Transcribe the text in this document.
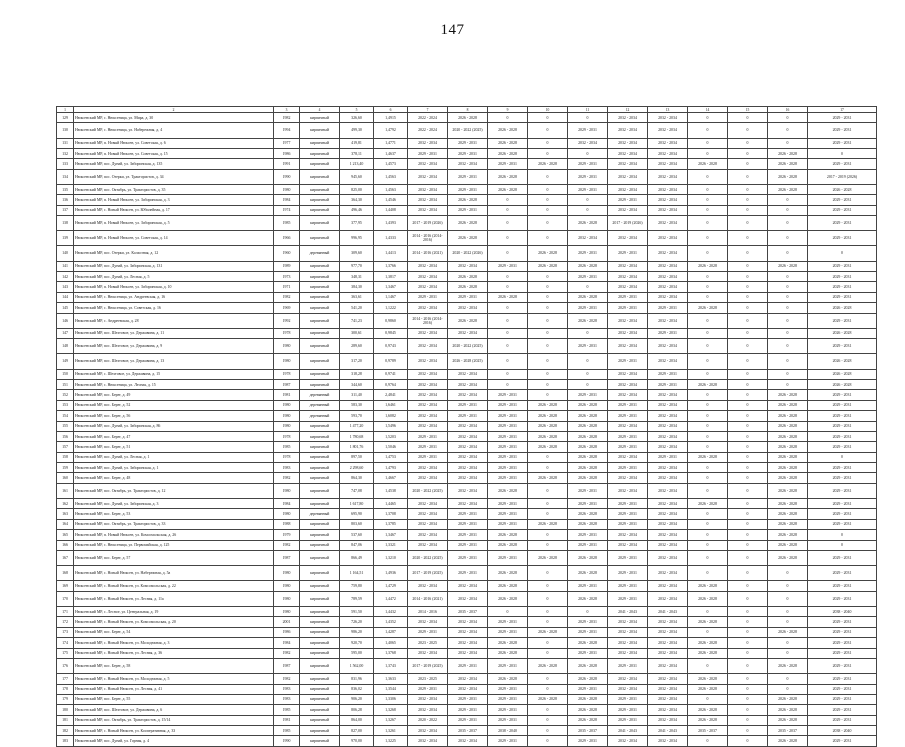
147
1	2	3	4	5	6	7	8	9	10	11	12	13	14	15	16	17
129	Нюксенский МР, с. Нюксеница, ул. Мира, д. 30	1982	кирпичный	326,60	1,4915	2022 - 2024	2026 - 2028	0	0	0	2032 - 2034	2032 - 2034	0	0	0	2029 - 2031
130	Нюксенский МР, с. Нюксеница, ул. Набережная, д. 4	1994	кирпичный	499,30	1,4792	2022 - 2024	2020 - 2022 (2025)	2026 - 2028	0	2029 - 2031	2032 - 2034	2032 - 2034	0	0	0	2029 - 2031
131	Нюксенский МР, п. Новый Нюксен, ул. Советская, д. 6	1977	кирпичный	419,81	1,4771	2032 - 2034	2029 - 2031	2026 - 2028	0	2032 - 2034	2032 - 2034	2032 - 2034	0	0	0	2029 - 2031
132	Нюксенский МР, п. Новый Нюксен, ул. Советская, д. 15	1986	кирпичный	378,11	1,4637	2029 - 2031	2029 - 2031	2026 - 2028	0	0	2032 - 2034	2032 - 2034	0	0	2026 - 2028	0
133	Нюксенский МР, пос. Дунай, ул. Заборинская, д. 135	1991	кирпичный	1 213,40	1,4573	2032 - 2034	2032 - 2034	2029 - 2031	2026 - 2028	2029 - 2031	2032 - 2034	2032 - 2034	2026 - 2028	0	2026 - 2028	2029 - 2031
134	Нюксенский МР, пос. Озерки, ул. Трактористов, д. 34	1990	кирпичный	945,60	1,4563	2032 - 2034	2029 - 2031	2026 - 2028	0	2029 - 2031	2032 - 2034	2032 - 2034	0	0	2026 - 2028	2017 - 2019 (2026)
135	Нюксенский МР, пос. Октябрь, ул. Трактористов, д. 35	1980	кирпичный	825,00	1,4563	2032 - 2034	2029 - 2031	2026 - 2028	0	2029 - 2031	2032 - 2034	2032 - 2034	0	0	2026 - 2028	2026 - 2028
136	Нюксенский МР, п. Новый Нюксен, ул. Заборинская, д. 3	1984	кирпичный	364,30	1,4546	2032 - 2034	2026 - 2028	0	0	0	2029 - 2031	2032 - 2034	0	0	0	2029 - 2031
137	Нюксенский МР, с. Новый Нюксен, ул. Юбилейная, д. 17	1974	кирпичный	496,46	1,4408	2032 - 2034	2029 - 2031	0	0	0	2032 - 2034	2032 - 2034	0	0	0	2029 - 2031
138	Нюксенский МР, п. Новый Нюксен, ул. Заборинская, д. 5	1985	кирпичный	377,95	1,4393	2017 - 2019 (2026)	2026 - 2028	0	0	2026 - 2028	2017 - 2019 (2026)	2032 - 2034	0	0	0	2029 - 2031
139	Нюксенский МР, п. Новый Нюксен, ул. Советская, д. 14	1966	кирпичный	996,95	1,4333	2014 - 2016 (2014-2016)	2026 - 2028	0	0	2032 - 2034	2032 - 2034	2032 - 2034	0	0	0	2029 - 2031
140	Нюксенский МР, пос. Озерки, ул. Колхозная, д. 12	1960	деревянный	309,60	1,4413	2014 - 2016 (2021)	2020 - 2022 (2026)	0	2026 - 2028	2029 - 2031	2029 - 2031	2032 - 2034	0	0	0	0
141	Нюксенский МР, пос. Дунай, ул. Заборинская, д. 131	1989	кирпичный	977,70	1,3766	2032 - 2034	2032 - 2034	2029 - 2031	2026 - 2028	2026 - 2028	2032 - 2034	2032 - 2034	2026 - 2028	0	2026 - 2028	2029 - 2031
142	Нюксенский МР, пос. Дунай, ул. Лесная, д. 5	1973	кирпичный	348,31	1,3817	2032 - 2034	2026 - 2028	0	0	2029 - 2031	2032 - 2034	2032 - 2034	0	0	0	2029 - 2031
143	Нюксенский МР, п. Новый Нюксен, ул. Заборинская, д. 10	1971	кирпичный	384,30	1,3467	2032 - 2034	2026 - 2028	0	0	0	2032 - 2034	2032 - 2034	0	0	0	2029 - 2031
144	Нюксенский МР, с. Нюксеница, ул. Андреевская, д. 16	1982	кирпичный	363,61	1,1467	2029 - 2031	2029 - 2031	2026 - 2028	0	2026 - 2028	2029 - 2031	2032 - 2034	0	0	0	2029 - 2031
145	Нюксенский МР, с. Нюксеница, ул. Советская, д. 16	1969	кирпичный	541,20	1,1222	2032 - 2034	2032 - 2034	0	0	2029 - 2031	2029 - 2031	2029 - 2031	2026 - 2028	0	0	2026 - 2028
146	Нюксенский МР, с. Андреевская, д. 28	1992	кирпичный	741,23	0,9860	2014 - 2016 (2014-2016)	2026 - 2028	0	0	2026 - 2028	2032 - 2034	2032 - 2034	0	0	0	2029 - 2031
147	Нюксенский МР, пос. Шехтовое, ул. Державина, д. 11	1978	кирпичный	300,61	0,9845	2032 - 2034	2032 - 2034	0	0	0	2032 - 2034	2029 - 2031	0	0	0	2026 - 2028
148	Нюксенский МР, пос. Шехтовое, ул. Державина, д. 9	1980	кирпичный	289,60	0,9743	2032 - 2034	2020 - 2022 (2025)	0	0	2029 - 2031	2032 - 2034	2032 - 2034	0	0	0	2029 - 2031
149	Нюксенский МР, пос. Шехтовое, ул. Державина, д. 13	1980	кирпичный	317,20	0,9789	2032 - 2034	2026 - 2028 (2025)	0	0	0	2029 - 2031	2032 - 2034	0	0	0	2026 - 2028
150	Нюксенский МР, с. Шехтовое, ул. Державина, д. 15	1978	кирпичный	318,28	0,9741	2032 - 2034	2032 - 2034	0	0	0	2032 - 2034	2029 - 2031	0	0	0	2026 - 2028
151	Нюксенский МР, с. Нюксеница, ул. Лесная, д. 15	1987	кирпичный	344,60	0,9764	2032 - 2034	2032 - 2034	0	0	0	2032 - 2034	2029 - 2031	2026 - 2028	0	0	2026 - 2028
152	Нюксенский МР, пос. Берег, д. 49	1981	деревянный	311,40	2,4841	2032 - 2034	2032 - 2034	2029 - 2031	0	2029 - 2031	2032 - 2034	2032 - 2034	0	0	2026 - 2028	2029 - 2031
153	Нюксенский МР, пос. Берег, д. 52	1980	деревянный	583,30	1,6461	2032 - 2034	2029 - 2031	2029 - 2031	2026 - 2028	2026 - 2028	2029 - 2031	2032 - 2034	0	0	2026 - 2028	2029 - 2031
154	Нюксенский МР, пос. Берег, д. 56	1980	деревянный	593,70	1,6082	2032 - 2034	2029 - 2031	2029 - 2031	2026 - 2028	2026 - 2028	2029 - 2031	2032 - 2034	0	0	2026 - 2028	2029 - 2031
155	Нюксенский МР, пос. Дунай, ул. Заборинская, д. 86	1980	кирпичный	1 477,20	1,5496	2032 - 2034	2032 - 2034	2029 - 2031	2026 - 2028	2026 - 2028	2032 - 2034	2032 - 2034	0	0	2026 - 2028	2029 - 2031
156	Нюксенский МР, пос. Берег, д. 47	1978	кирпичный	1 780,68	1,5203	2029 - 2031	2032 - 2034	2029 - 2031	2026 - 2028	2026 - 2028	2029 - 2031	2032 - 2034	0	0	2026 - 2028	2029 - 2031
157	Нюксенский МР, пос. Берег, д. 51	1985	кирпичный	1 801,76	1,5046	2029 - 2031	2032 - 2034	2029 - 2031	2026 - 2028	2026 - 2028	2029 - 2031	2032 - 2034	0	0	2026 - 2028	2029 - 2031
158	Нюксенский МР, пос. Дунай, ул. Лесная, д. 1	1978	кирпичный	897,50	1,4753	2029 - 2031	2032 - 2034	2029 - 2031	0	2026 - 2028	2032 - 2034	2029 - 2031	2026 - 2028	0	2026 - 2028	0
159	Нюксенский МР, пос. Дунай, ул. Заборинская, д. 1	1983	кирпичный	2 298,60	1,4793	2032 - 2034	2032 - 2034	2029 - 2031	0	2026 - 2028	2029 - 2031	2032 - 2034	0	0	2026 - 2028	2029 - 2031
160	Нюксенский МР, пос. Берег, д. 48	1982	кирпичный	864,30	1,4667	2032 - 2034	2032 - 2034	2029 - 2031	2026 - 2028	2026 - 2028	2032 - 2034	2032 - 2034	0	0	2026 - 2028	2029 - 2031
161	Нюксенский МР, пос. Октябрь, ул. Трактористов, д. 12	1980	кирпичный	747,08	1,4538	2020 - 2022 (2025)	2032 - 2034	2026 - 2028	0	2029 - 2031	2032 - 2034	2032 - 2034	0	0	2026 - 2028	2029 - 2031
162	Нюксенский МР, пос. Дунай, ул. Заборинская, д. 3	1984	кирпичный	1 617,80	1,4465	2032 - 2034	2032 - 2034	2029 - 2031	0	2029 - 2031	2029 - 2031	2032 - 2034	2026 - 2028	0	2026 - 2028	2029 - 2031
163	Нюксенский МР, пос. Берег, д. 53	1980	деревянный	695,90	1,3708	2032 - 2034	2029 - 2031	2029 - 2031	0	2026 - 2028	2029 - 2031	2032 - 2034	0	0	2026 - 2028	2029 - 2031
164	Нюксенский МР, пос. Октябрь, ул. Трактористов, д. 33	1988	кирпичный	803,60	1,3785	2032 - 2034	2029 - 2031	2029 - 2031	2026 - 2028	2026 - 2028	2029 - 2031	2032 - 2034	0	0	2026 - 2028	2029 - 2031
165	Нюксенский МР, п. Новый Нюксен, ул. Комсомольская, д. 26	1979	кирпичный	537,60	1,3467	2032 - 2034	2029 - 2031	2026 - 2028	0	2029 - 2031	2032 - 2034	2032 - 2034	0	0	2026 - 2028	0
166	Нюксенский МР, с. Нюксеница, ул. Первомайская, д. 125	1982	кирпичный	847,06	1,3321	2032 - 2034	2029 - 2031	2026 - 2028	0	2029 - 2031	2032 - 2034	2032 - 2034	0	0	2026 - 2028	0
167	Нюксенский МР, пос. Берег, д. 57	1987	кирпичный	866,49	1,3210	2020 - 2022 (2025)	2029 - 2031	2029 - 2031	2026 - 2028	2026 - 2028	2029 - 2031	2032 - 2034	0	0	2026 - 2028	2029 - 2031
168	Нюксенский МР, с. Новый Нюксен, ул. Набережная, д. 5а	1980	кирпичный	1 164,51	1,4936	2017 - 2019 (2025)	2029 - 2031	2026 - 2028	0	2026 - 2028	2029 - 2031	2032 - 2034	0	0	0	2029 - 2031
169	Нюксенский МР, с. Новый Нюксен, ул. Комсомольская, д. 22	1980	кирпичный	759,80	1,4729	2032 - 2034	2032 - 2034	2026 - 2028	0	2029 - 2031	2029 - 2031	2032 - 2034	2026 - 2028	0	0	2029 - 2031
170	Нюксенский МР, с. Новый Нюксен, ул. Лесная, д. 11а	1980	кирпичный	789,59	1,4472	2014 - 2016 (2021)	2032 - 2034	2026 - 2028	0	2026 - 2028	2029 - 2031	2032 - 2034	2026 - 2028	0	0	2029 - 2031
171	Нюксенский МР, с. Лесное, ул. Центральная, д. 19	1980	кирпичный	591,50	1,4432	2014 - 2016	2035 - 2037	0	0	0	2041 - 2043	2041 - 2043	0	0	0	2038 - 2040
172	Нюксенский МР, с. Новый Нюксен, ул. Комсомольская, д. 20	2001	кирпичный	726,20	1,4352	2032 - 2034	2032 - 2034	2029 - 2031	0	2029 - 2031	2032 - 2034	2032 - 2034	2026 - 2028	0	0	2029 - 2031
173	Нюксенский МР, пос. Берег, д. 54	1986	кирпичный	986,20	1,4287	2029 - 2031	2032 - 2034	2029 - 2031	2026 - 2028	2029 - 2031	2032 - 2034	2032 - 2034	0	0	2026 - 2028	2029 - 2031
174	Нюксенский МР, с. Новый Нюксен, ул. Молодежная, д. 3	1984	кирпичный	920,70	1,4065	2023 - 2025	2032 - 2034	2026 - 2028	0	2026 - 2028	2032 - 2034	2032 - 2034	2026 - 2028	0	0	2029 - 2031
175	Нюксенский МР, с. Новый Нюксен, ул. Лесная, д. 36	1982	кирпичный	595,00	1,3768	2032 - 2034	2032 - 2034	2026 - 2028	0	2029 - 2031	2032 - 2034	2032 - 2034	2026 - 2028	0	0	2029 - 2031
176	Нюксенский МР, пос. Берег, д. 58	1987	кирпичный	1 562,00	1,3743	2017 - 2019 (2025)	2029 - 2031	2029 - 2031	2026 - 2028	2026 - 2028	2029 - 2031	2032 - 2034	0	0	2026 - 2028	2029 - 2031
177	Нюксенский МР, с. Новый Нюксен, ул. Молодежная, д. 5	1982	кирпичный	831,96	1,3633	2023 - 2025	2032 - 2034	2026 - 2028	0	2026 - 2028	2032 - 2034	2032 - 2034	2026 - 2028	0	0	2029 - 2031
178	Нюксенский МР, с. Новый Нюксен, ул. Лесная, д. 41	1983	кирпичный	836,02	1,3544	2029 - 2031	2032 - 2034	2029 - 2031	0	2029 - 2031	2032 - 2034	2032 - 2034	2026 - 2028	0	0	2029 - 2031
179	Нюксенский МР, пос. Берег, д. 55	1983	кирпичный	906,20	1,3306	2032 - 2034	2029 - 2031	2029 - 2031	2026 - 2028	2026 - 2028	2029 - 2031	2032 - 2034	0	0	2026 - 2028	2029 - 2031
180	Нюксенский МР, пос. Шехтовое, ул. Державина, д. 6	1985	кирпичный	806,28	1,3268	2032 - 2034	2029 - 2031	2029 - 2031	0	2026 - 2028	2029 - 2031	2032 - 2034	2026 - 2028	0	2026 - 2028	2029 - 2031
181	Нюксенский МР, пос. Октябрь, ул. Трактористов, д. 15/14	1981	кирпичный	864,00	1,3267	2020 - 2022	2029 - 2031	2029 - 2031	0	2026 - 2028	2029 - 2031	2032 - 2034	2026 - 2028	0	2026 - 2028	2029 - 2031
182	Нюксенский МР, с. Новый Нюксен, ул. Кооперативная, д. 33	1985	кирпичный	827,00	1,3261	2032 - 2034	2035 - 2037	2038 - 2040	0	2035 - 2037	2041 - 2043	2041 - 2043	2035 - 2037	0	2035 - 2037	2038 - 2040
183	Нюксенский МР, пос. Дунай, ул. Горная, д. 4	1990	кирпичный	970,00	1,3225	2032 - 2034	2032 - 2034	2029 - 2031	0	2029 - 2031	2032 - 2034	2032 - 2034	0	0	2026 - 2028	2029 - 2031
